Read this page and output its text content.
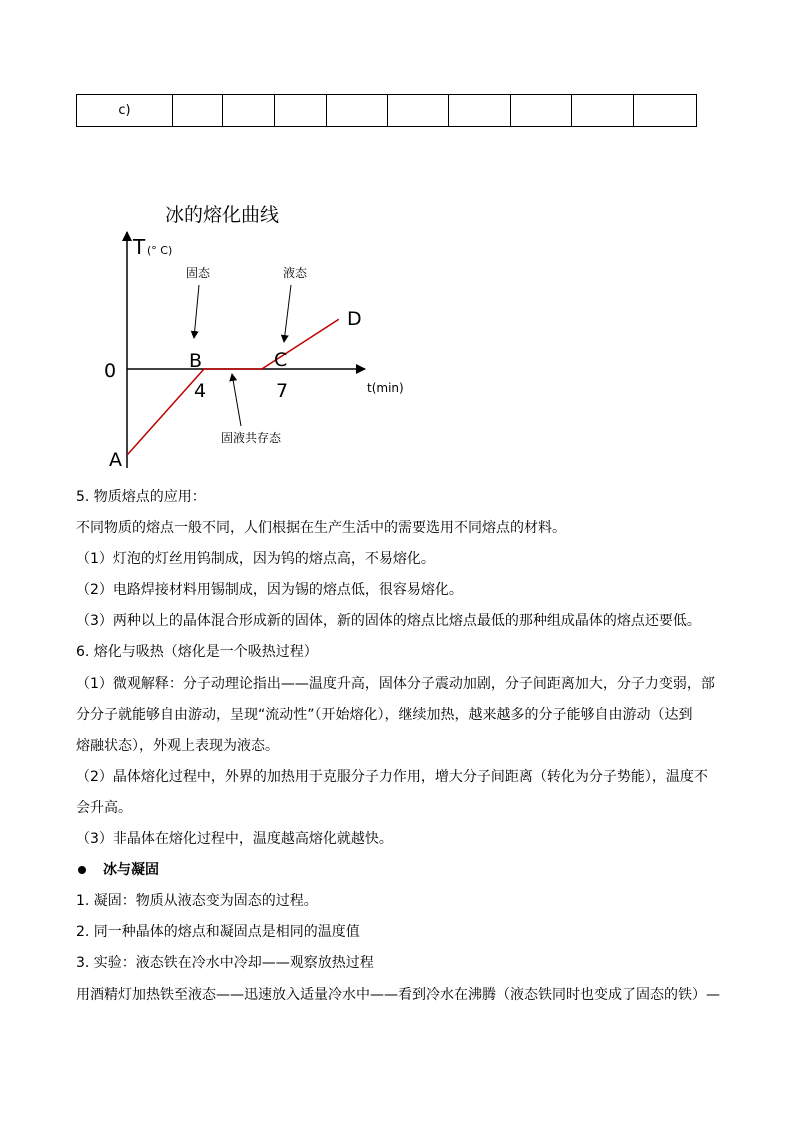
c)									
冰的熔化曲线
T (° C)
t(min)
0
4	7
A
B	C
D
固态	液态
固液共存态
5. 物质熔点的应用：
不同物质的熔点一般不同，人们根据在生产生活中的需要选用不同熔点的材料。
（1）灯泡的灯丝用钨制成，因为钨的熔点高，不易熔化。
（2）电路焊接材料用锡制成，因为锡的熔点低，很容易熔化。
（3）两种以上的晶体混合形成新的固体，新的固体的熔点比熔点最低的那种组成晶体的熔点还要低。
6. 熔化与吸热（熔化是一个吸热过程）
（1）微观解释：分子动理论指出——温度升高，固体分子震动加剧，分子间距离加大，分子力变弱，部
分分子就能够自由游动，呈现“流动性”（开始熔化），继续加热，越来越多的分子能够自由游动（达到
熔融状态），外观上表现为液态。
（2）晶体熔化过程中，外界的加热用于克服分子力作用，增大分子间距离（转化为分子势能），温度不
会升高。
（3）非晶体在熔化过程中，温度越高熔化就越快。
冰与凝固
1. 凝固：物质从液态变为固态的过程。
2. 同一种晶体的熔点和凝固点是相同的温度值
3. 实验：液态铁在冷水中冷却——观察放热过程
用酒精灯加热铁至液态——迅速放入适量冷水中——看到冷水在沸腾（液态铁同时也变成了固态的铁）—
